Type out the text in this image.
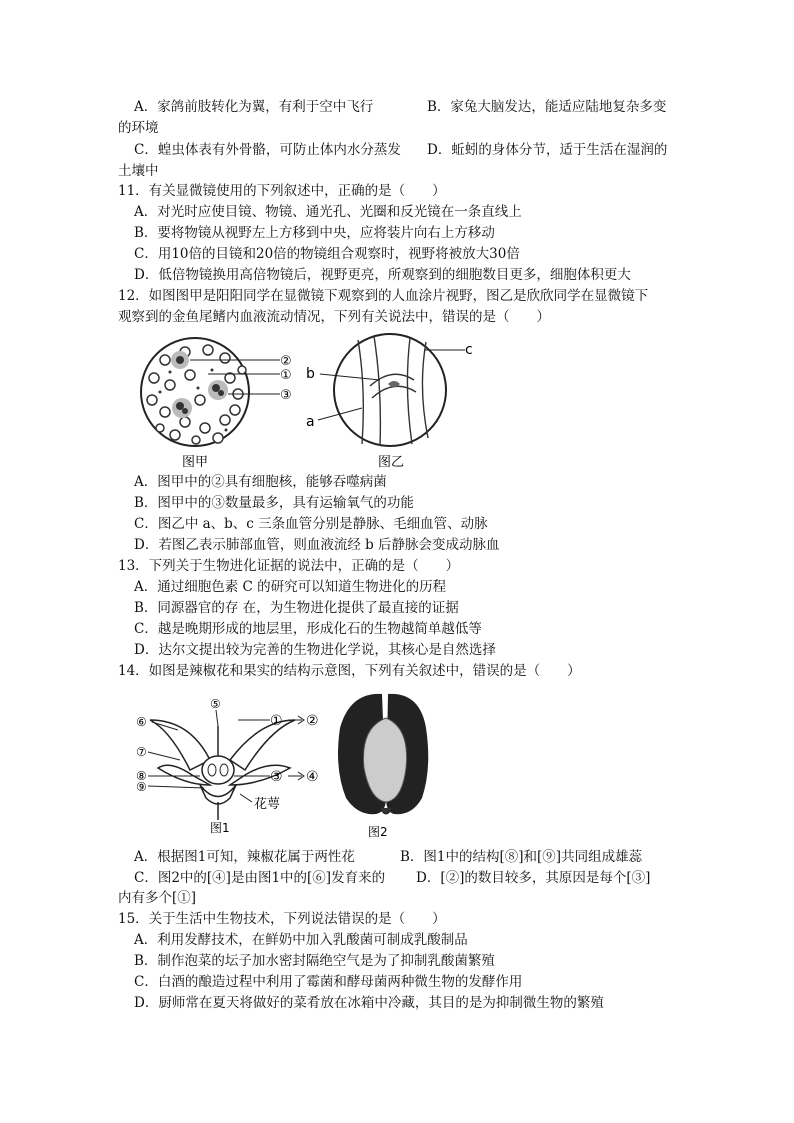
A．家鸽前肢转化为翼，有利于空中飞行	B．家兔大脑发达，能适应陆地复杂多变
的环境
C．蝗虫体表有外骨骼，可防止体内水分蒸发 D．蚯蚓的身体分节，适于生活在湿润的
土壤中
11．有关显微镜使用的下列叙述中，正确的是（　　）
A．对光时应使目镜、物镜、通光孔、光圈和反光镜在一条直线上
B．要将物镜从视野左上方移到中央，应将装片向右上方移动
C．用10倍的目镜和20倍的物镜组合观察时，视野将被放大30倍
D．低倍物镜换用高倍物镜后，视野更亮，所观察到的细胞数目更多，细胞体积更大
12．如图图甲是阳阳同学在显微镜下观察到的人血涂片视野，图乙是欣欣同学在显微镜下
观察到的金鱼尾鳍内血液流动情况，下列有关说法中，错误的是（　　）
②
①
③
图甲
b
c
a
图乙
A．图甲中的②具有细胞核，能够吞噬病菌
B．图甲中的③数量最多，具有运输氧气的功能
C．图乙中 a、b、c 三条血管分别是静脉、毛细血管、动脉
D．若图乙表示肺部血管，则血液流经 b 后静脉会变成动脉血
13．下列关于生物进化证据的说法中，正确的是（　　）
A．通过细胞色素 C 的研究可以知道生物进化的历程
B．同源器官的存 在，为生物进化提供了最直接的证据
C．越是晚期形成的地层里，形成化石的生物越简单越低等
D．达尔文提出较为完善的生物进化学说，其核心是自然选择
14．如图是辣椒花和果实的结构示意图，下列有关叙述中，错误的是（　　）
⑤
⑥
⑦
⑧
⑨
①
③
②
④
花萼
图1	图2
A．根据图1可知，辣椒花属于两性花	B．图1中的结构[⑧]和[⑨]共同组成雄蕊
C．图2中的[④]是由图1中的[⑥]发育来的 D．[②]的数目较多，其原因是每个[③]
内有多个[①]
15．关于生活中生物技术，下列说法错误的是（　　）
A．利用发酵技术，在鲜奶中加入乳酸菌可制成乳酸制品
B．制作泡菜的坛子加水密封隔绝空气是为了抑制乳酸菌繁殖
C．白酒的酿造过程中利用了霉菌和酵母菌两种微生物的发酵作用
D．厨师常在夏天将做好的菜肴放在冰箱中冷藏，其目的是为抑制微生物的繁殖
